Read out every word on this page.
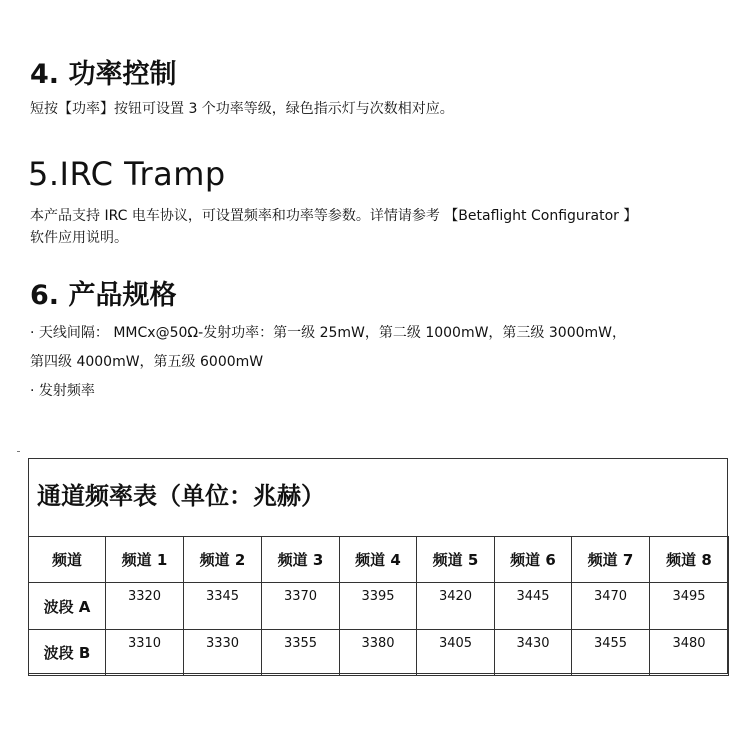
4. 功率控制

短按【功率】按钮可设置 3 个功率等级，绿色指示灯与次数相对应。

5.IRC Tramp

本产品支持 IRC 电车协议，可设置频率和功率等参数。详情请参考 【Betaflight Configurator 】

软件应用说明。

6. 产品规格

· 天线间隔： MMCx@50Ω-发射功率：第一级 25mW，第二级 1000mW，第三级 3000mW，

第四级 4000mW，第五级 6000mW

· 发射频率

通道频率表（单位：兆赫）
频道	频道 1	频道 2	频道 3	频道 4	频道 5	频道 6	频道 7	频道 8
波段 A	3320	3345	3370	3395	3420	3445	3470	3495
波段 B	3310	3330	3355	3380	3405	3430	3455	3480
